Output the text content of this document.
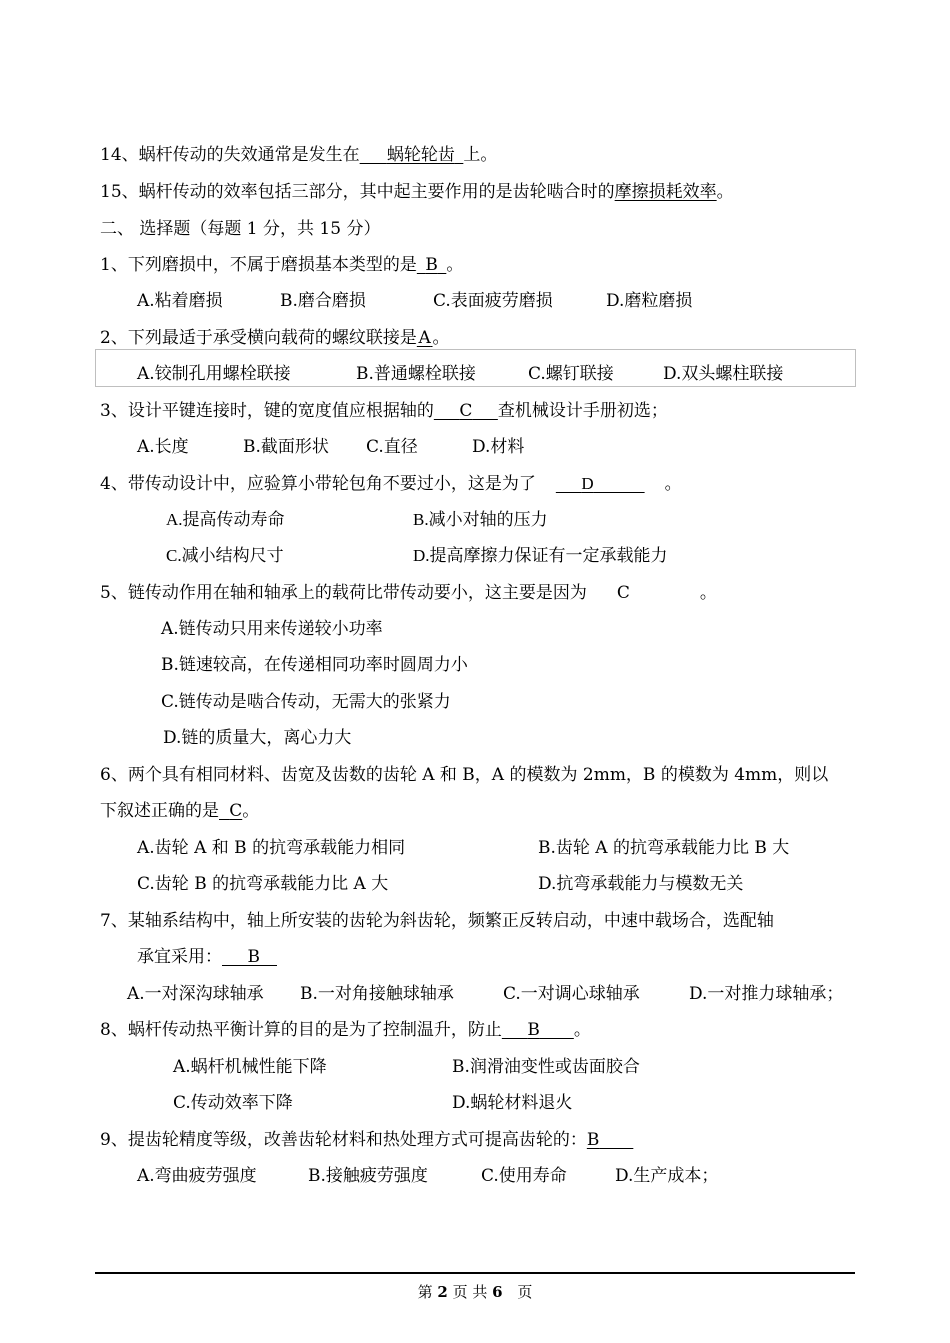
14、蜗杆传动的失效通常是发生在    蜗轮轮齿  上。
15、蜗杆传动的效率包括三部分，其中起主要作用的是齿轮啮合时的摩擦损耗效率。
二、 选择题（每题 1 分，共 15 分）
1、下列磨损中，不属于磨损基本类型的是  B  。
A.粘着磨损	B.磨合磨损	C.表面疲劳磨损	D.磨粒磨损
2、下列最适于承受横向载荷的螺纹联接是  A  。
A.铰制孔用螺栓联接	B.普通螺栓联接	C.螺钉联接	D.双头螺柱联接
3、设计平键连接时，键的宽度值应根据轴的   C   查机械设计手册初选；
A.长度	B.截面形状 C.直径	D.材料
4、带传动设计中，应验算小带轮包角不要过小，这是为了  	D   	。
A.提高传动寿命	B.减小对轴的压力
C.减小结构尺寸	D.提高摩擦力保证有一定承载能力
5、链传动作用在轴和轴承上的载荷比带传动要小，这主要是因为 C	。
A.链传动只用来传递较小功率
B.链速较高，在传递相同功率时圆周力小
C.链传动是啮合传动，无需大的张紧力
D.链的质量大，离心力大
6、两个具有相同材料、齿宽及齿数的齿轮 A 和 B，A 的模数为 2mm，B 的模数为 4mm，则以
下叙述正确的是   C。
A.齿轮 A 和 B 的抗弯承载能力相同	B.齿轮 A 的抗弯承载能力比 B 大
C.齿轮 B 的抗弯承载能力比 A 大	D.抗弯承载能力与模数无关
7、某轴系结构中，轴上所安装的齿轮为斜齿轮，频繁正反转启动，中速中载场合，选配轴
承宜采用：   B 
A.一对深沟球轴承 B.一对角接触球轴承	C.一对调心球轴承	D.一对推力球轴承；
8、蜗杆传动热平衡计算的目的是为了控制温升，防止   B   。
A.蜗杆机械性能下降	B.润滑油变性或齿面胶合
C.传动效率下降	D.蜗轮材料退火
9、提齿轮精度等级，改善齿轮材料和热处理方式可提高齿轮的：B  
A.弯曲疲劳强度	B.接触疲劳强度	C.使用寿命	D.生产成本；
第 2 页 共 6 页
